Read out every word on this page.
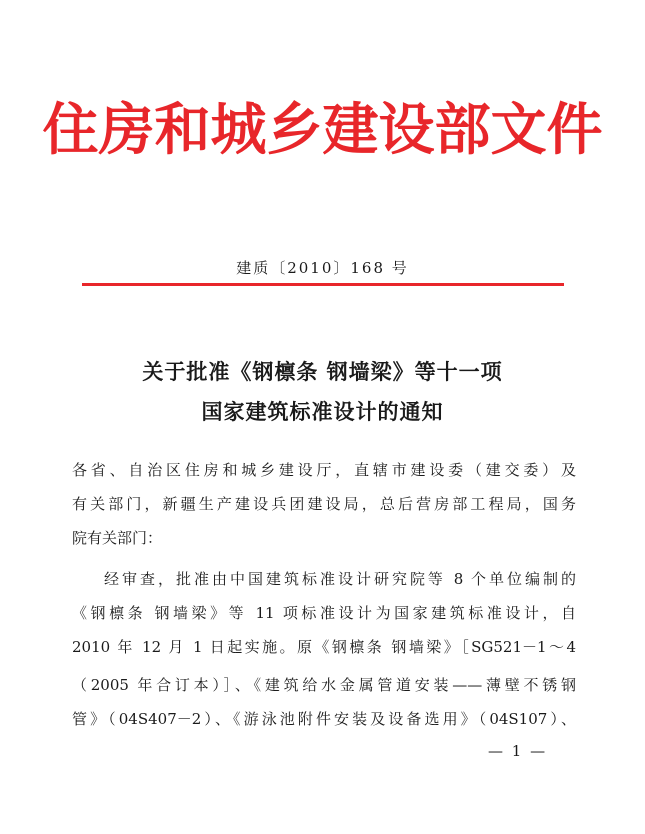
住房和城乡建设部文件
建质〔2010〕168 号
关于批准《钢檩条 钢墙梁》等十一项
国家建筑标准设计的通知
各省、自治区住房和城乡建设厅，直辖市建设委（建交委）及
有关部门，新疆生产建设兵团建设局，总后营房部工程局，国务
院有关部门：
经审查，批准由中国建筑标准设计研究院等 8 个单位编制的
《钢檩条 钢墙梁》等 11 项标准设计为国家建筑标准设计，自
2010 年 12 月 1 日起实施。原《钢檩条 钢墙梁》［SG521－1～4
（2005 年合订本）］、《建筑给水金属管道安装——薄壁不锈钢
管》（04S407－2）、《游泳池附件安装及设备选用》（04S107）、
— 1 —
